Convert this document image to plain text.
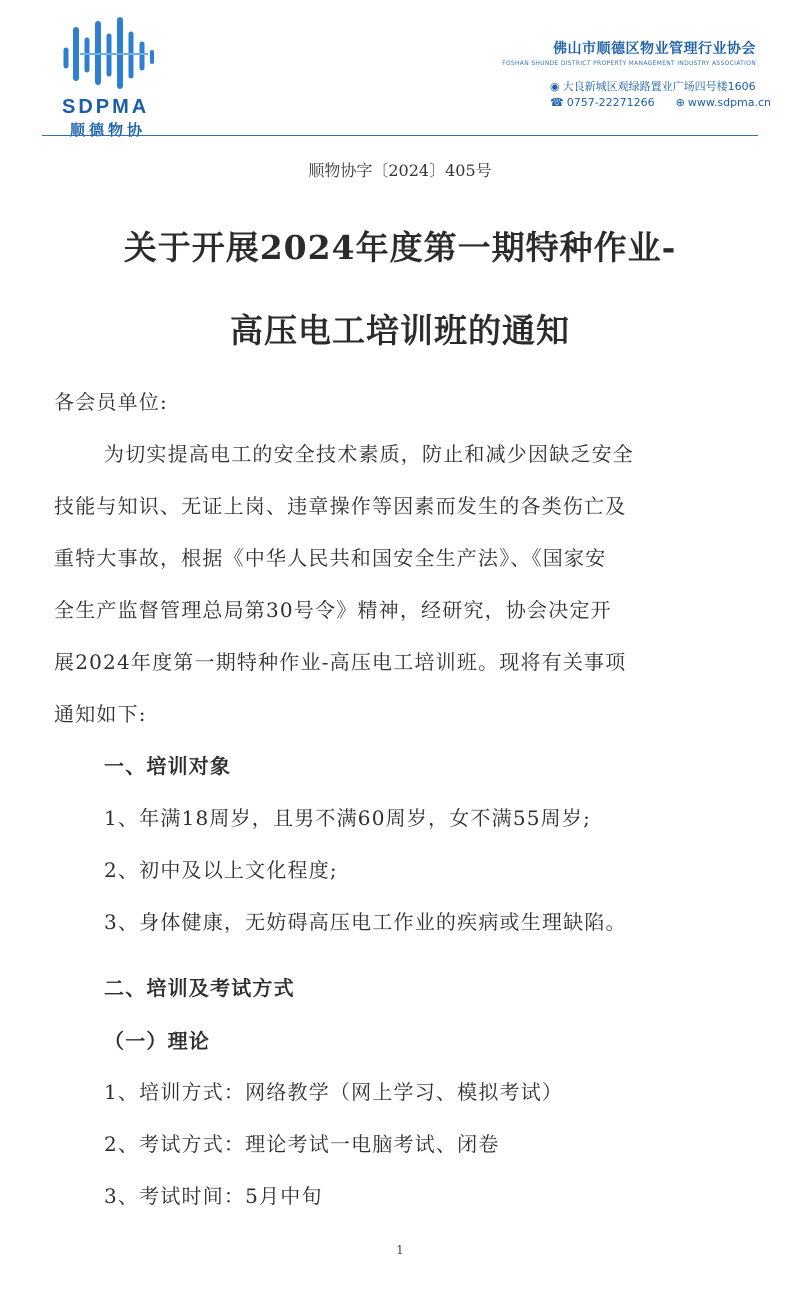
SDPMA
顺德物协
佛山市顺德区物业管理行业协会
FOSHAN SHUNDE DISTRICT PROPERTY MANAGEMENT INDUSTRY ASSOCIATION
◉ 大良新城区观绿路置业广场四号楼1606
☎ 0757-22271266 ⊕ www.sdpma.cn
顺物协字〔2024〕405号
关于开展2024年度第一期特种作业-
高压电工培训班的通知
各会员单位:
为切实提高电工的安全技术素质，防止和减少因缺乏安全
技能与知识、无证上岗、违章操作等因素而发生的各类伤亡及
重特大事故，根据《中华人民共和国安全生产法》、《国家安
全生产监督管理总局第30号令》精神，经研究，协会决定开
展2024年度第一期特种作业-高压电工培训班。现将有关事项
通知如下:
一、培训对象
1、年满18周岁，且男不满60周岁，女不满55周岁;
2、初中及以上文化程度;
3、身体健康，无妨碍高压电工作业的疾病或生理缺陷。
二、培训及考试方式
（一）理论
1、培训方式：网络教学（网上学习、模拟考试）
2、考试方式：理论考试一电脑考试、闭卷
3、考试时间：5月中旬
1
